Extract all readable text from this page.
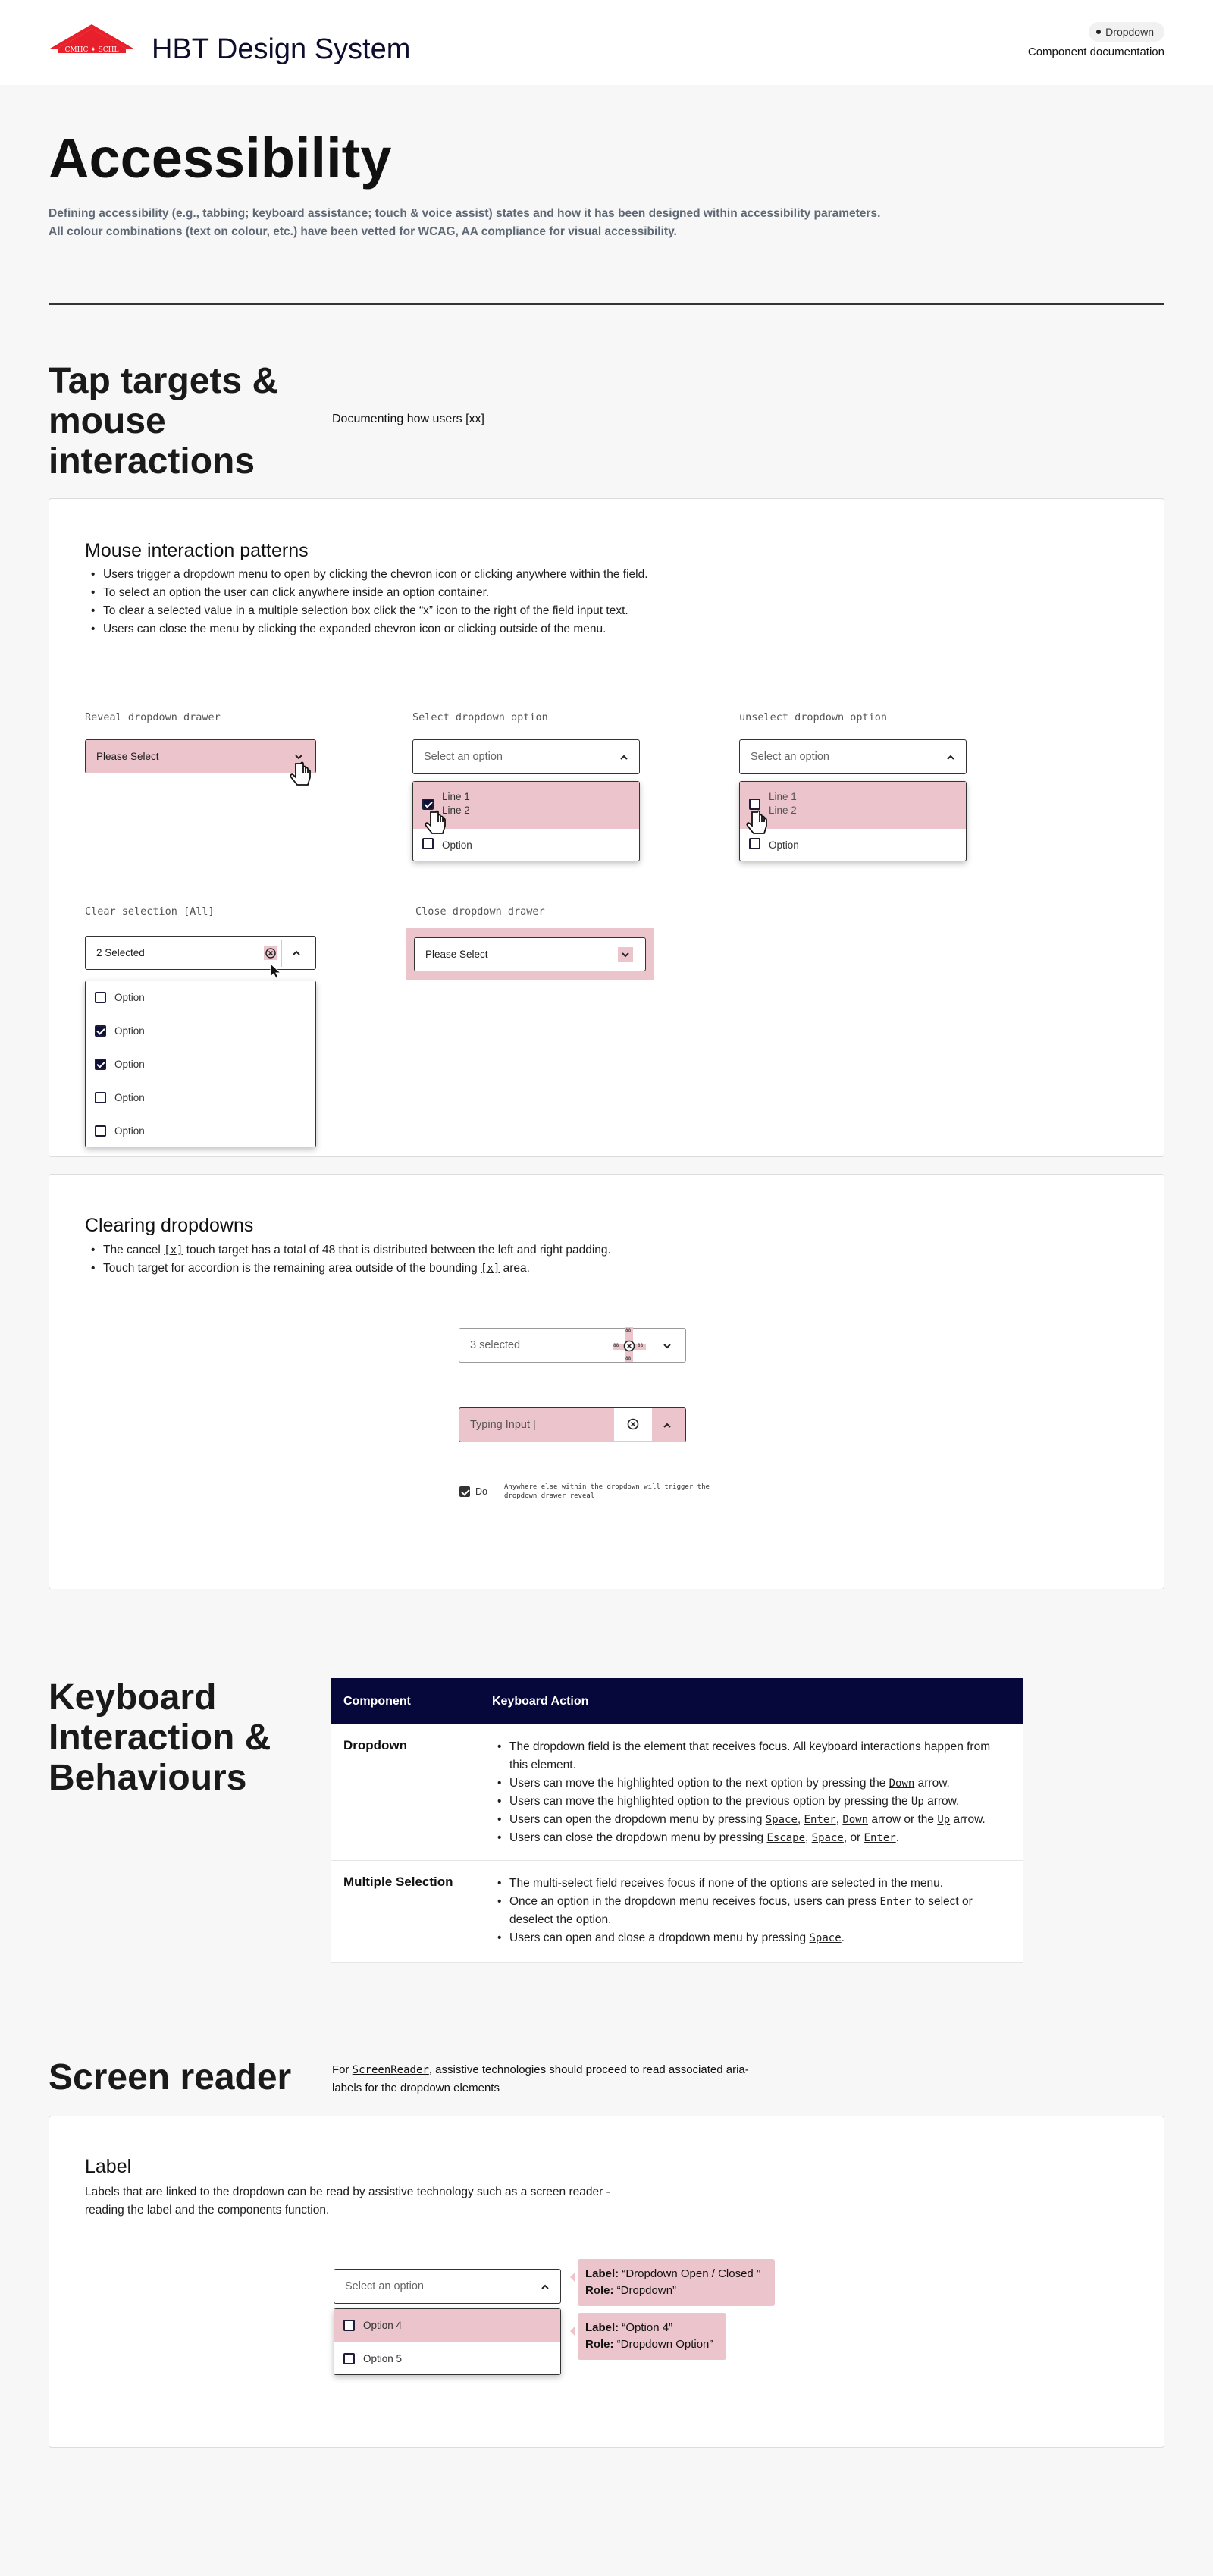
CMHC ✦ SCHL HBT Design System
Dropdown
Component documentation
Accessibility
Defining accessibility (e.g., tabbing; keyboard assistance; touch & voice assist) states and how it has been designed within accessibility parameters.
All colour combinations (text on colour, etc.) have been vetted for WCAG, AA compliance for visual accessibility.
Tap targets & mouse interactions
Documenting how users [xx]
Mouse interaction patterns
• Users trigger a dropdown menu to open by clicking the chevron icon or clicking anywhere within the field.
• To select an option the user can click anywhere inside an option container.
• To clear a selected value in a multiple selection box click the “x” icon to the right of the field input text.
• Users can close the menu by clicking the expanded chevron icon or clicking outside of the menu.
Reveal dropdown drawer
Please Select
Select dropdown option
Select an option
Line 1
Line 2
Option
unselect dropdown option
Select an option
Line 1
Line 2
Option
Clear selection [All]
2 Selected
Option
Option
Option
Option
Option
Close dropdown drawer
Please Select
Clearing dropdowns
• The cancel [x] touch target has a total of 48 that is distributed between the left and right padding.
• Touch target for accordion is the remaining area outside of the bounding [x] area.
3 selected	88	88
88
88
Typing Input |
Do Anywhere else within the dropdown will trigger the dropdown drawer reveal
Keyboard Interaction & Behaviours
Component	Keyboard Action
Dropdown	• The dropdown field is the element that receives focus. All keyboard interactions happen from this element.
• Users can move the highlighted option to the next option by pressing the Down arrow.
• Users can move the highlighted option to the previous option by pressing the Up arrow.
• Users can open the dropdown menu by pressing Space, Enter, Down arrow or the Up arrow.
• Users can close the dropdown menu by pressing Escape, Space, or Enter.
Multiple Selection	• The multi-select field receives focus if none of the options are selected in the menu.
• Once an option in the dropdown menu receives focus, users can press Enter to select or deselect the option.
• Users can open and close a dropdown menu by pressing Space.
Screen reader	For ScreenReader, assistive technologies should proceed to read associated aria-labels for the dropdown elements
Label
Labels that are linked to the dropdown can be read by assistive technology such as a screen reader - reading the label and the components function.
Select an option
Option 4
Option 5
Label: “Dropdown Open / Closed ”
Role: “Dropdown”
Label: “Option 4”
Role: “Dropdown Option”
